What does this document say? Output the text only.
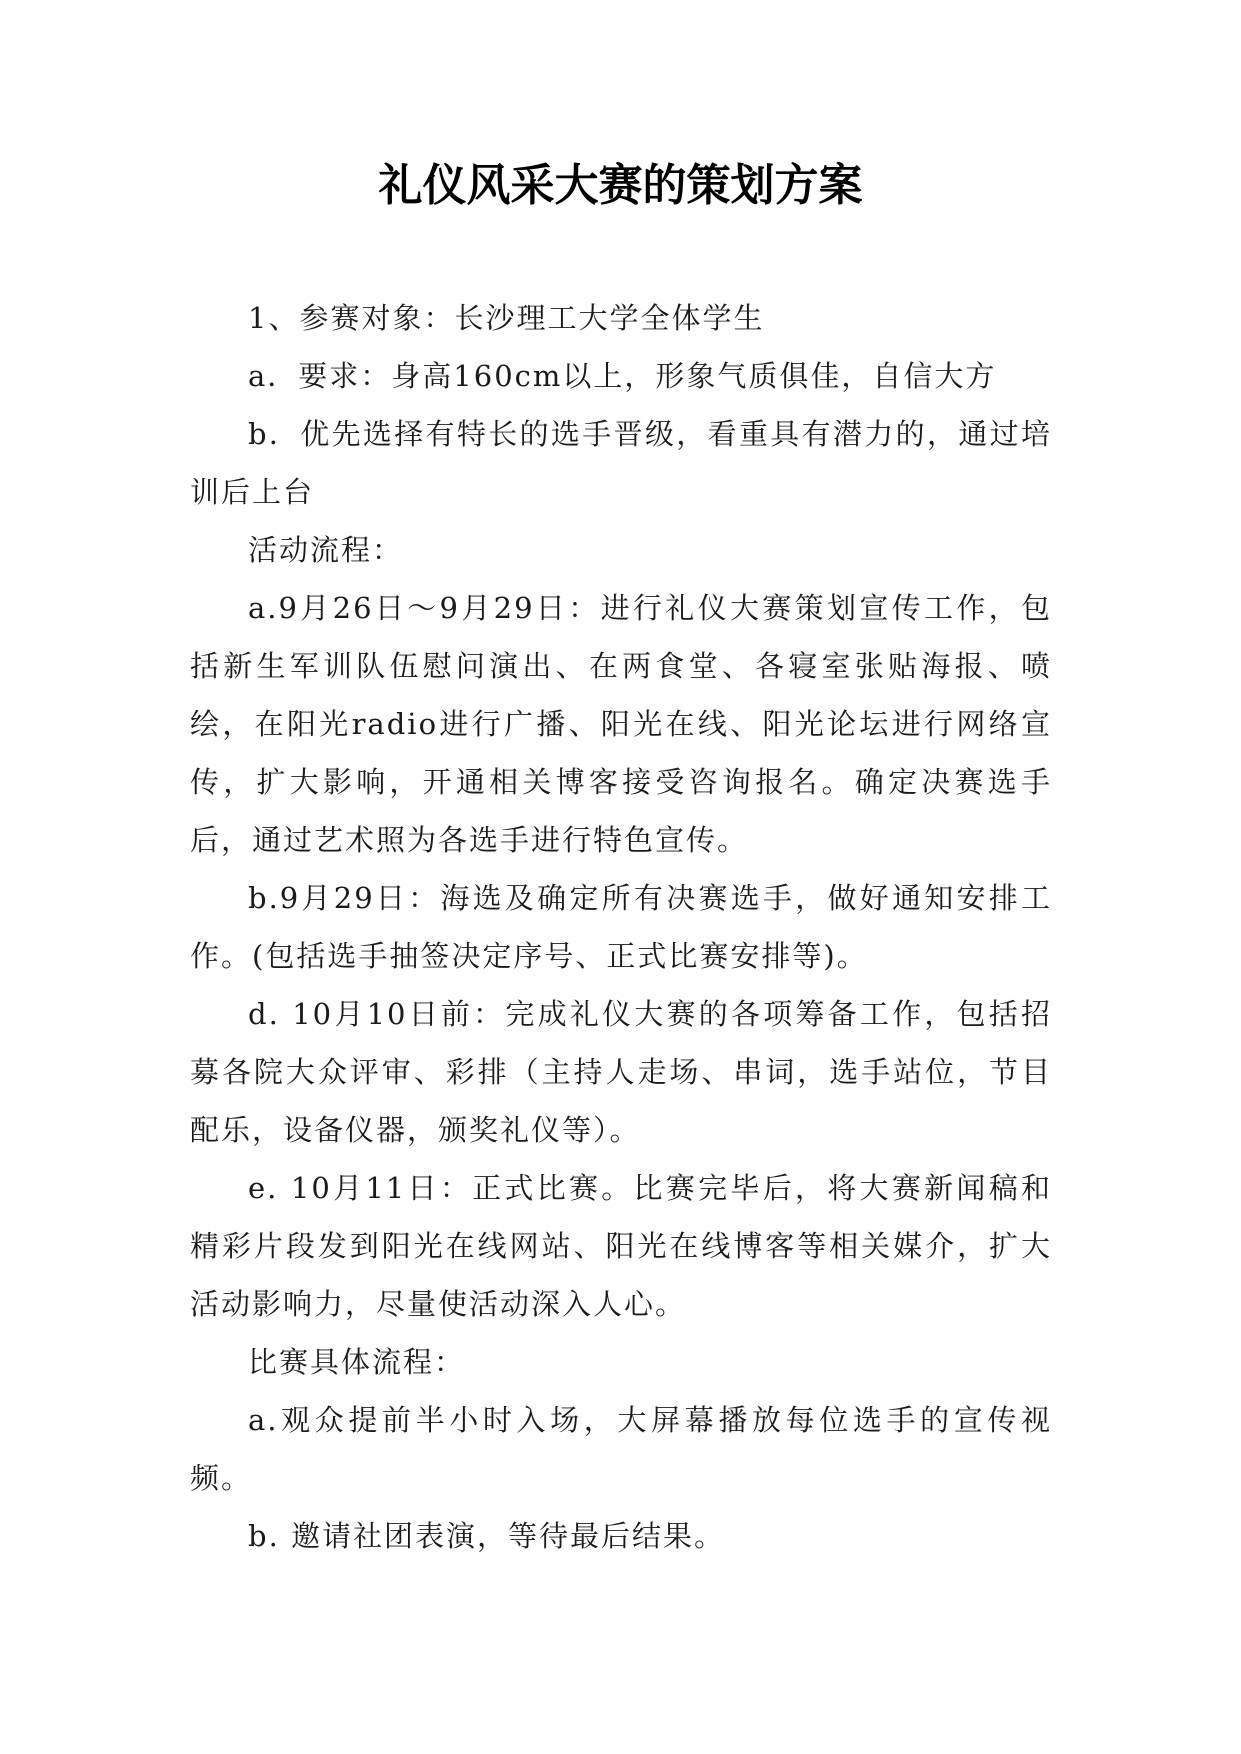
礼仪风采大赛的策划方案

1、参赛对象：长沙理工大学全体学生

a．要求：身高160cm以上，形象气质俱佳，自信大方

b．优先选择有特长的选手晋级，看重具有潜力的，通过培训后上台

活动流程：

a.9月26日～9月29日：进行礼仪大赛策划宣传工作，包括新生军训队伍慰问演出、在两食堂、各寝室张贴海报、喷绘，在阳光radio进行广播、阳光在线、阳光论坛进行网络宣传，扩大影响，开通相关博客接受咨询报名。确定决赛选手后，通过艺术照为各选手进行特色宣传。

b.9月29日：海选及确定所有决赛选手，做好通知安排工作。(包括选手抽签决定序号、正式比赛安排等)。

d. 10月10日前：完成礼仪大赛的各项筹备工作，包括招募各院大众评审、彩排（主持人走场、串词，选手站位，节目配乐，设备仪器，颁奖礼仪等）。

e. 10月11日：正式比赛。比赛完毕后，将大赛新闻稿和精彩片段发到阳光在线网站、阳光在线博客等相关媒介，扩大活动影响力，尽量使活动深入人心。

比赛具体流程：

a.观众提前半小时入场，大屏幕播放每位选手的宣传视频。

b. 邀请社团表演，等待最后结果。
